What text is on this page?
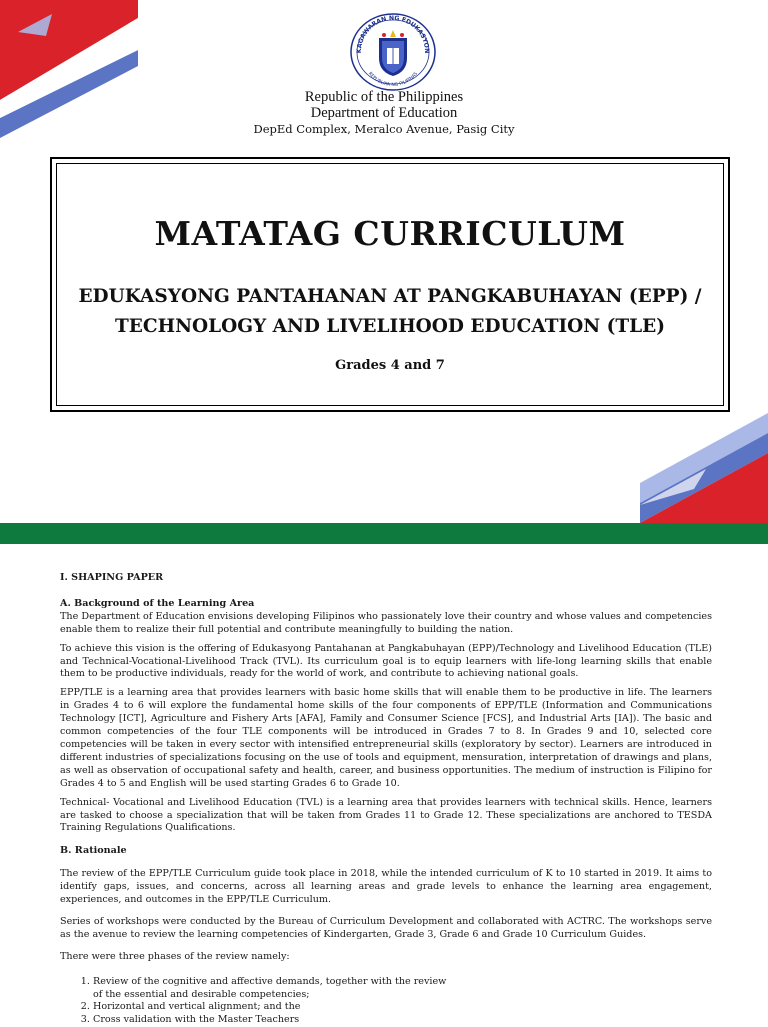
KAGAWARAN NG EDUKASYON
REPUBLIKA NG PILIPINAS
Republic of the Philippines
Department of Education
DepEd Complex, Meralco Avenue, Pasig City
MATATAG CURRICULUM
EDUKASYONG PANTAHANAN AT PANGKABUHAYAN (EPP) /
TECHNOLOGY AND LIVELIHOOD EDUCATION (TLE)
Grades 4 and 7

I. SHAPING PAPER

A. Background of the Learning Area

The Department of Education envisions developing Filipinos who passionately love their country and whose values and competencies enable them to realize their full potential and contribute meaningfully to building the nation.

To achieve this vision is the offering of Edukasyong Pantahanan at Pangkabuhayan (EPP)/Technology and Livelihood Education (TLE) and Technical-Vocational-Livelihood Track (TVL). Its curriculum goal is to equip learners with life-long learning skills that enable them to be productive individuals, ready for the world of work, and contribute to achieving national goals.

EPP/TLE is a learning area that provides learners with basic home skills that will enable them to be productive in life. The learners in Grades 4 to 6 will explore the fundamental home skills of the four components of EPP/TLE (Information and Communications Technology [ICT], Agriculture and Fishery Arts [AFA], Family and Consumer Science [FCS], and Industrial Arts [IA]). The basic and common competencies of the four TLE components will be introduced in Grades 7 to 8. In Grades 9 and 10, selected core competencies will be taken in every sector with intensified entrepreneurial skills (exploratory by sector). Learners are introduced in different industries of specializations focusing on the use of tools and equipment, mensuration, interpretation of drawings and plans, as well as observation of occupational safety and health, career, and business opportunities. The medium of instruction is Filipino for Grades 4 to 5 and English will be used starting Grades 6 to Grade 10.

Technical- Vocational and Livelihood Education (TVL) is a learning area that provides learners with technical skills. Hence, learners are tasked to choose a specialization that will be taken from Grades 11 to Grade 12. These specializations are anchored to TESDA Training Regulations Qualifications.

B. Rationale

The review of the EPP/TLE Curriculum guide took place in 2018, while the intended curriculum of K to 10 started in 2019. It aims to identify gaps, issues, and concerns, across all learning areas and grade levels to enhance the learning area engagement, experiences, and outcomes in the EPP/TLE Curriculum.

Series of workshops were conducted by the Bureau of Curriculum Development and collaborated with ACTRC. The workshops serve as the avenue to review the learning competencies of Kindergarten, Grade 3, Grade 6 and Grade 10 Curriculum Guides.

There were three phases of the review namely:

1. Review of the cognitive and affective demands, together with the review of the essential and desirable competencies;
2. Horizontal and vertical alignment; and the
3. Cross validation with the Master Teachers
